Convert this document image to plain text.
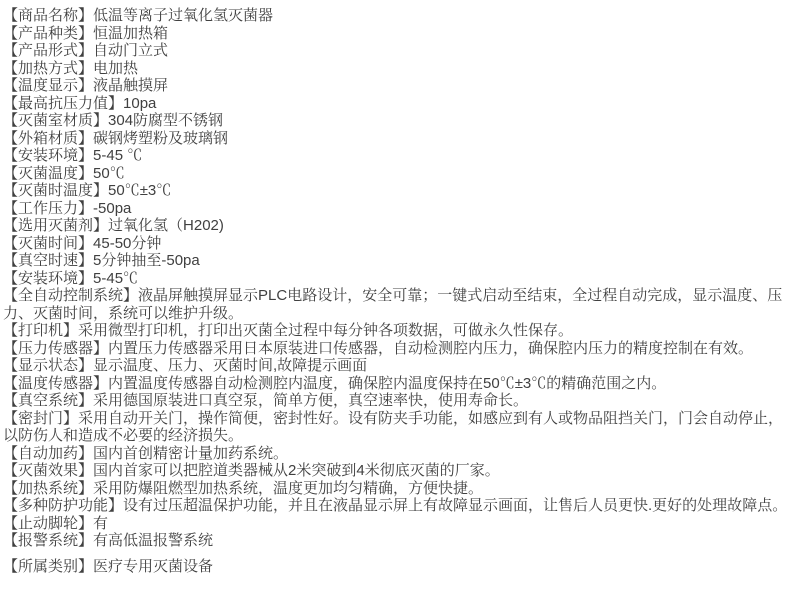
【商品名称】低温等离子过氧化氢灭菌器
【产品种类】恒温加热箱
【产品形式】自动门立式
【加热方式】电加热
【温度显示】液晶触摸屏
【最高抗压力值】10pa
【灭菌室材质】304防腐型不锈钢
【外箱材质】碳钢烤塑粉及玻璃钢
【安装环境】5-45 ℃
【灭菌温度】50℃
【灭菌时温度】50℃±3℃
【工作压力】-50pa
【选用灭菌剂】过氧化氢（H202)
【灭菌时间】45-50分钟
【真空时速】5分钟抽至-50pa
【安装环境】5-45℃
【全自动控制系统】液晶屏触摸屏显示PLC电路设计，安全可靠；一键式启动至结束，全过程自动完成，显示温度、压力、灭菌时间，系统可以维护升级。
【打印机】采用微型打印机，打印出灭菌全过程中每分钟各项数据，可做永久性保存。
【压力传感器】内置压力传感器采用日本原装进口传感器，自动检测腔内压力，确保腔内压力的精度控制在有效。
【显示状态】显示温度、压力、灭菌时间,故障提示画面
【温度传感器】内置温度传感器自动检测腔内温度，确保腔内温度保持在50℃±3℃的精确范围之内。
【真空系统】采用德国原装进口真空泵，简单方便，真空速率快，使用寿命长。
【密封门】采用自动开关门，操作简便，密封性好。设有防夹手功能，如感应到有人或物品阻挡关门，门会自动停止，以防伤人和造成不必要的经济损失。
【自动加药】国内首创精密计量加药系统。
【灭菌效果】国内首家可以把腔道类器械从2米突破到4米彻底灭菌的厂家。
【加热系统】采用防爆阻燃型加热系统，温度更加均匀精确，方便快捷。
【多种防护功能】设有过压超温保护功能，并且在液晶显示屏上有故障显示画面，让售后人员更快.更好的处理故障点。
【止动脚轮】有
【报警系统】有高低温报警系统
【所属类别】医疗专用灭菌设备
